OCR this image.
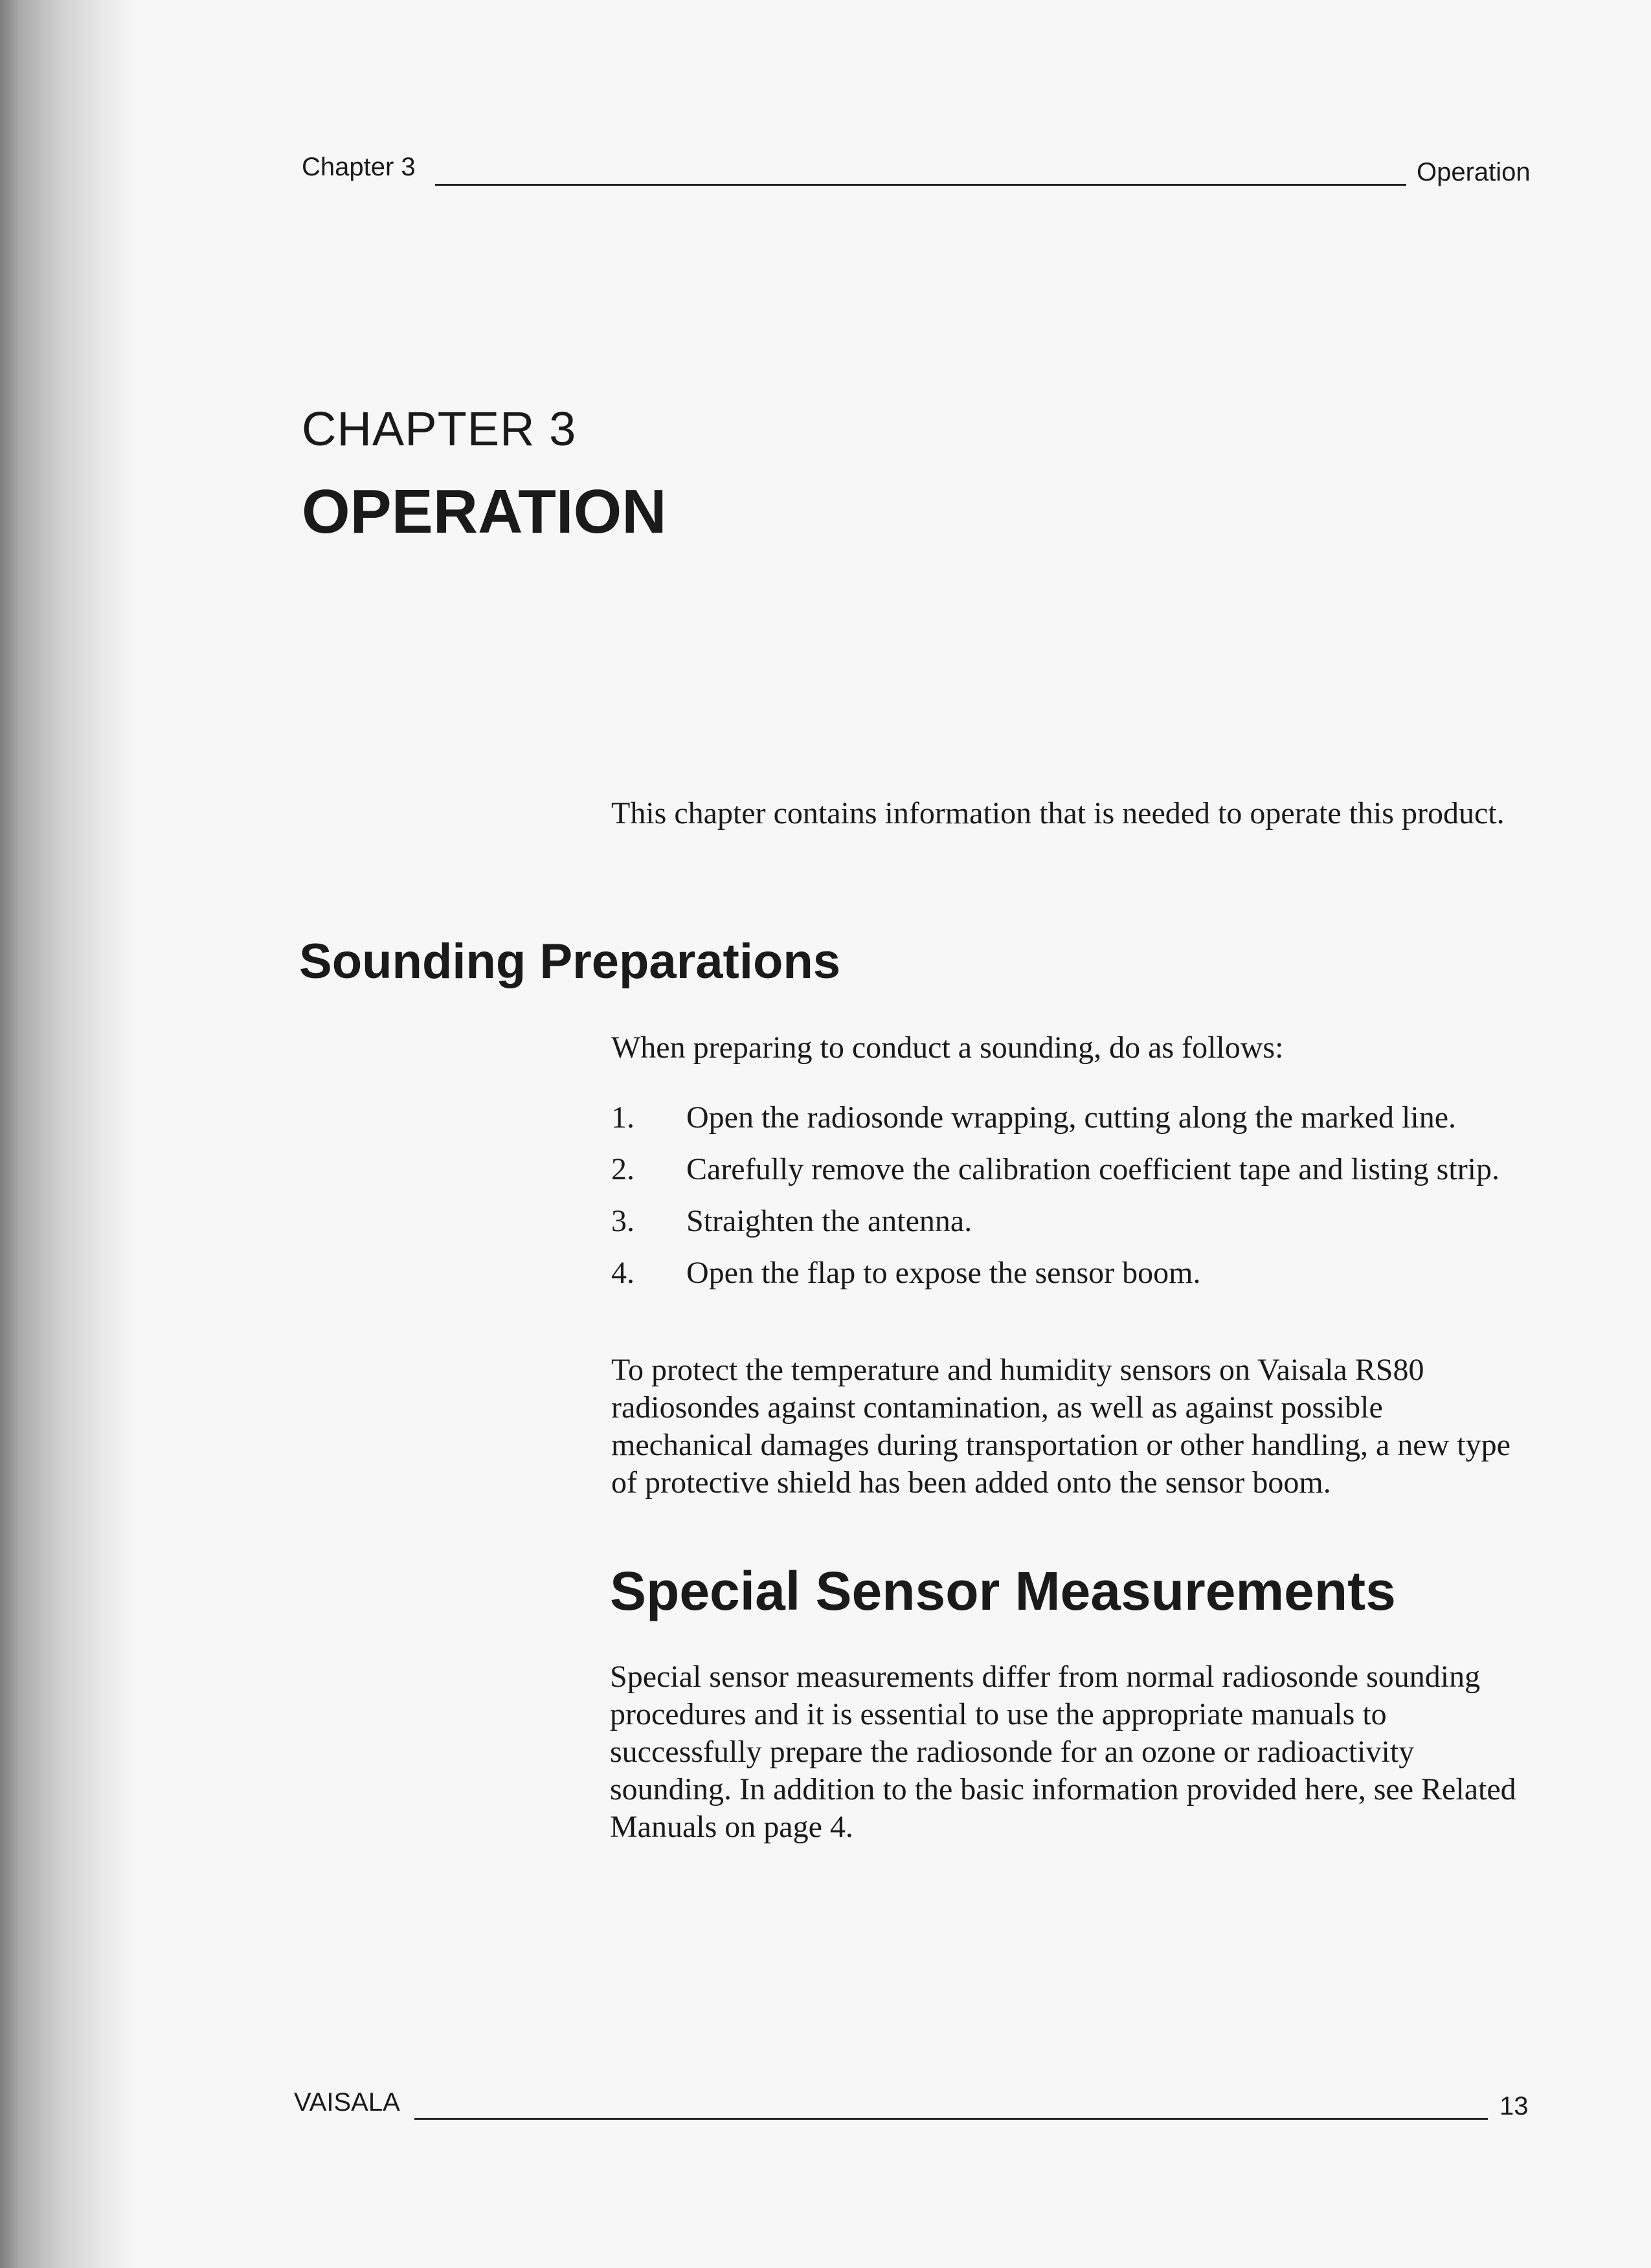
Chapter 3	Operation
CHAPTER 3
OPERATION

This chapter contains information that is needed to operate this product.

Sounding Preparations

When preparing to conduct a sounding, do as follows:

1.	Open the radiosonde wrapping, cutting along the marked line.
2.	Carefully remove the calibration coefficient tape and listing strip.
3.	Straighten the antenna.
4.	Open the flap to expose the sensor boom.

To protect the temperature and humidity sensors on Vaisala RS80 radiosondes against contamination, as well as against possible mechanical damages during transportation or other handling, a new type of protective shield has been added onto the sensor boom.

Special Sensor Measurements

Special sensor measurements differ from normal radiosonde sounding procedures and it is essential to use the appropriate manuals to successfully prepare the radiosonde for an ozone or radioactivity sounding. In addition to the basic information provided here, see Related Manuals on page 4.

VAISALA	13
